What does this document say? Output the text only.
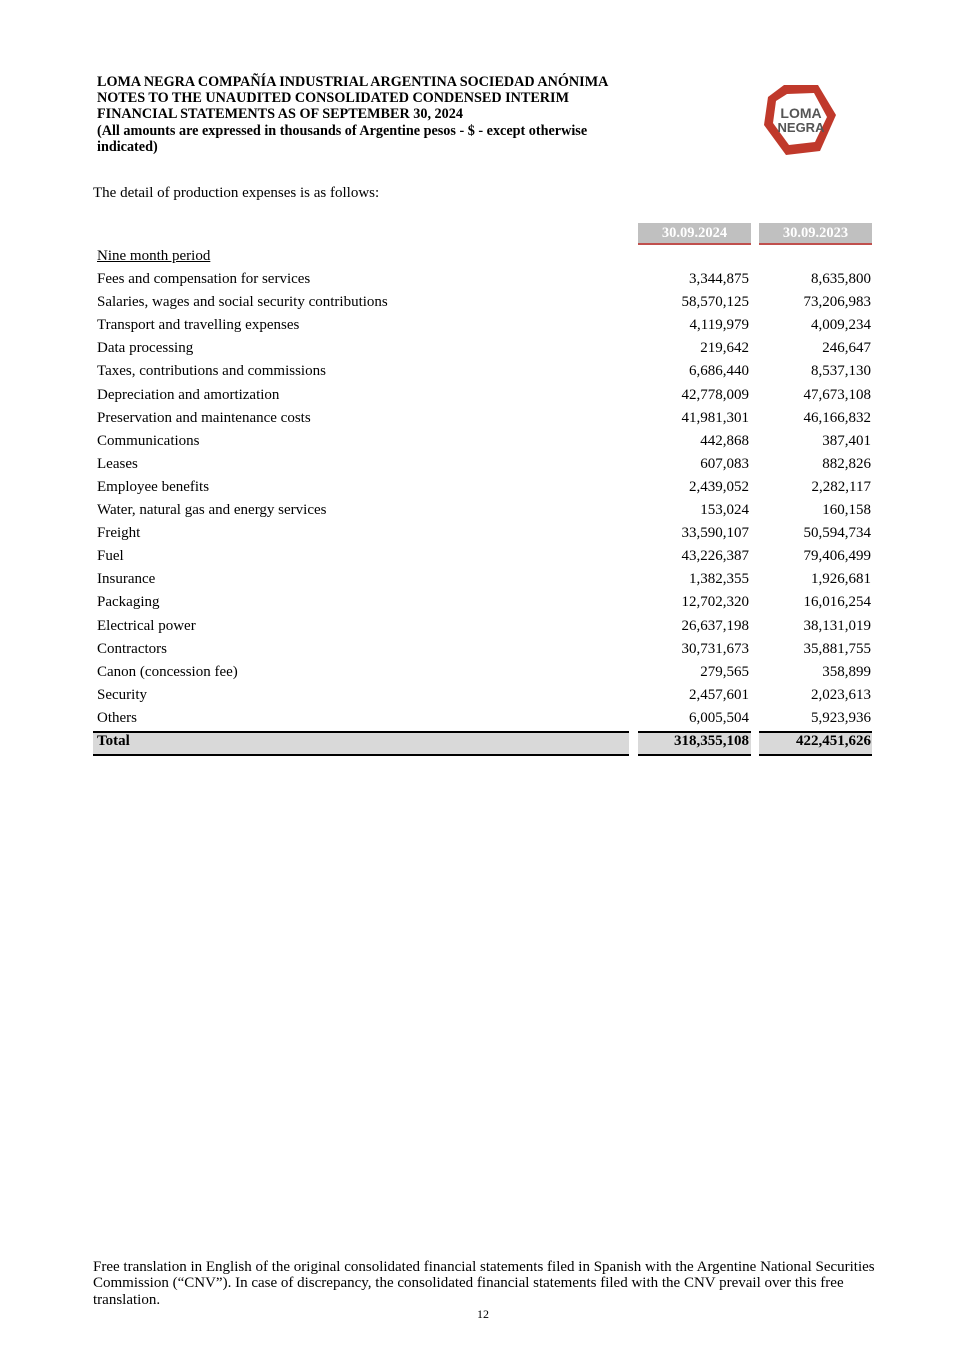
LOMA NEGRA COMPAÑÍA INDUSTRIAL ARGENTINA SOCIEDAD ANÓNIMA
NOTES TO THE UNAUDITED CONSOLIDATED CONDENSED INTERIM
FINANCIAL STATEMENTS AS OF SEPTEMBER 30, 2024
(All amounts are expressed in thousands of Argentine pesos - $ - except otherwise
indicated)
LOMA
NEGRA
The detail of production expenses is as follows:
30.09.2024	30.09.2023
Nine month period
Fees and compensation for services	3,344,875	8,635,800
Salaries, wages and social security contributions	58,570,125	73,206,983
Transport and travelling expenses	4,119,979	4,009,234
Data processing	219,642	246,647
Taxes, contributions and commissions	6,686,440	8,537,130
Depreciation and amortization	42,778,009	47,673,108
Preservation and maintenance costs	41,981,301	46,166,832
Communications	442,868	387,401
Leases	607,083	882,826
Employee benefits	2,439,052	2,282,117
Water, natural gas and energy services	153,024	160,158
Freight	33,590,107	50,594,734
Fuel	43,226,387	79,406,499
Insurance	1,382,355	1,926,681
Packaging	12,702,320	16,016,254
Electrical power	26,637,198	38,131,019
Contractors	30,731,673	35,881,755
Canon (concession fee)	279,565	358,899
Security	2,457,601	2,023,613
Others	6,005,504	5,923,936
Total	318,355,108	422,451,626
Free translation in English of the original consolidated financial statements filed in Spanish with the Argentine National Securities Commission (“CNV”). In case of discrepancy, the consolidated financial statements filed with the CNV prevail over this free translation.
12
